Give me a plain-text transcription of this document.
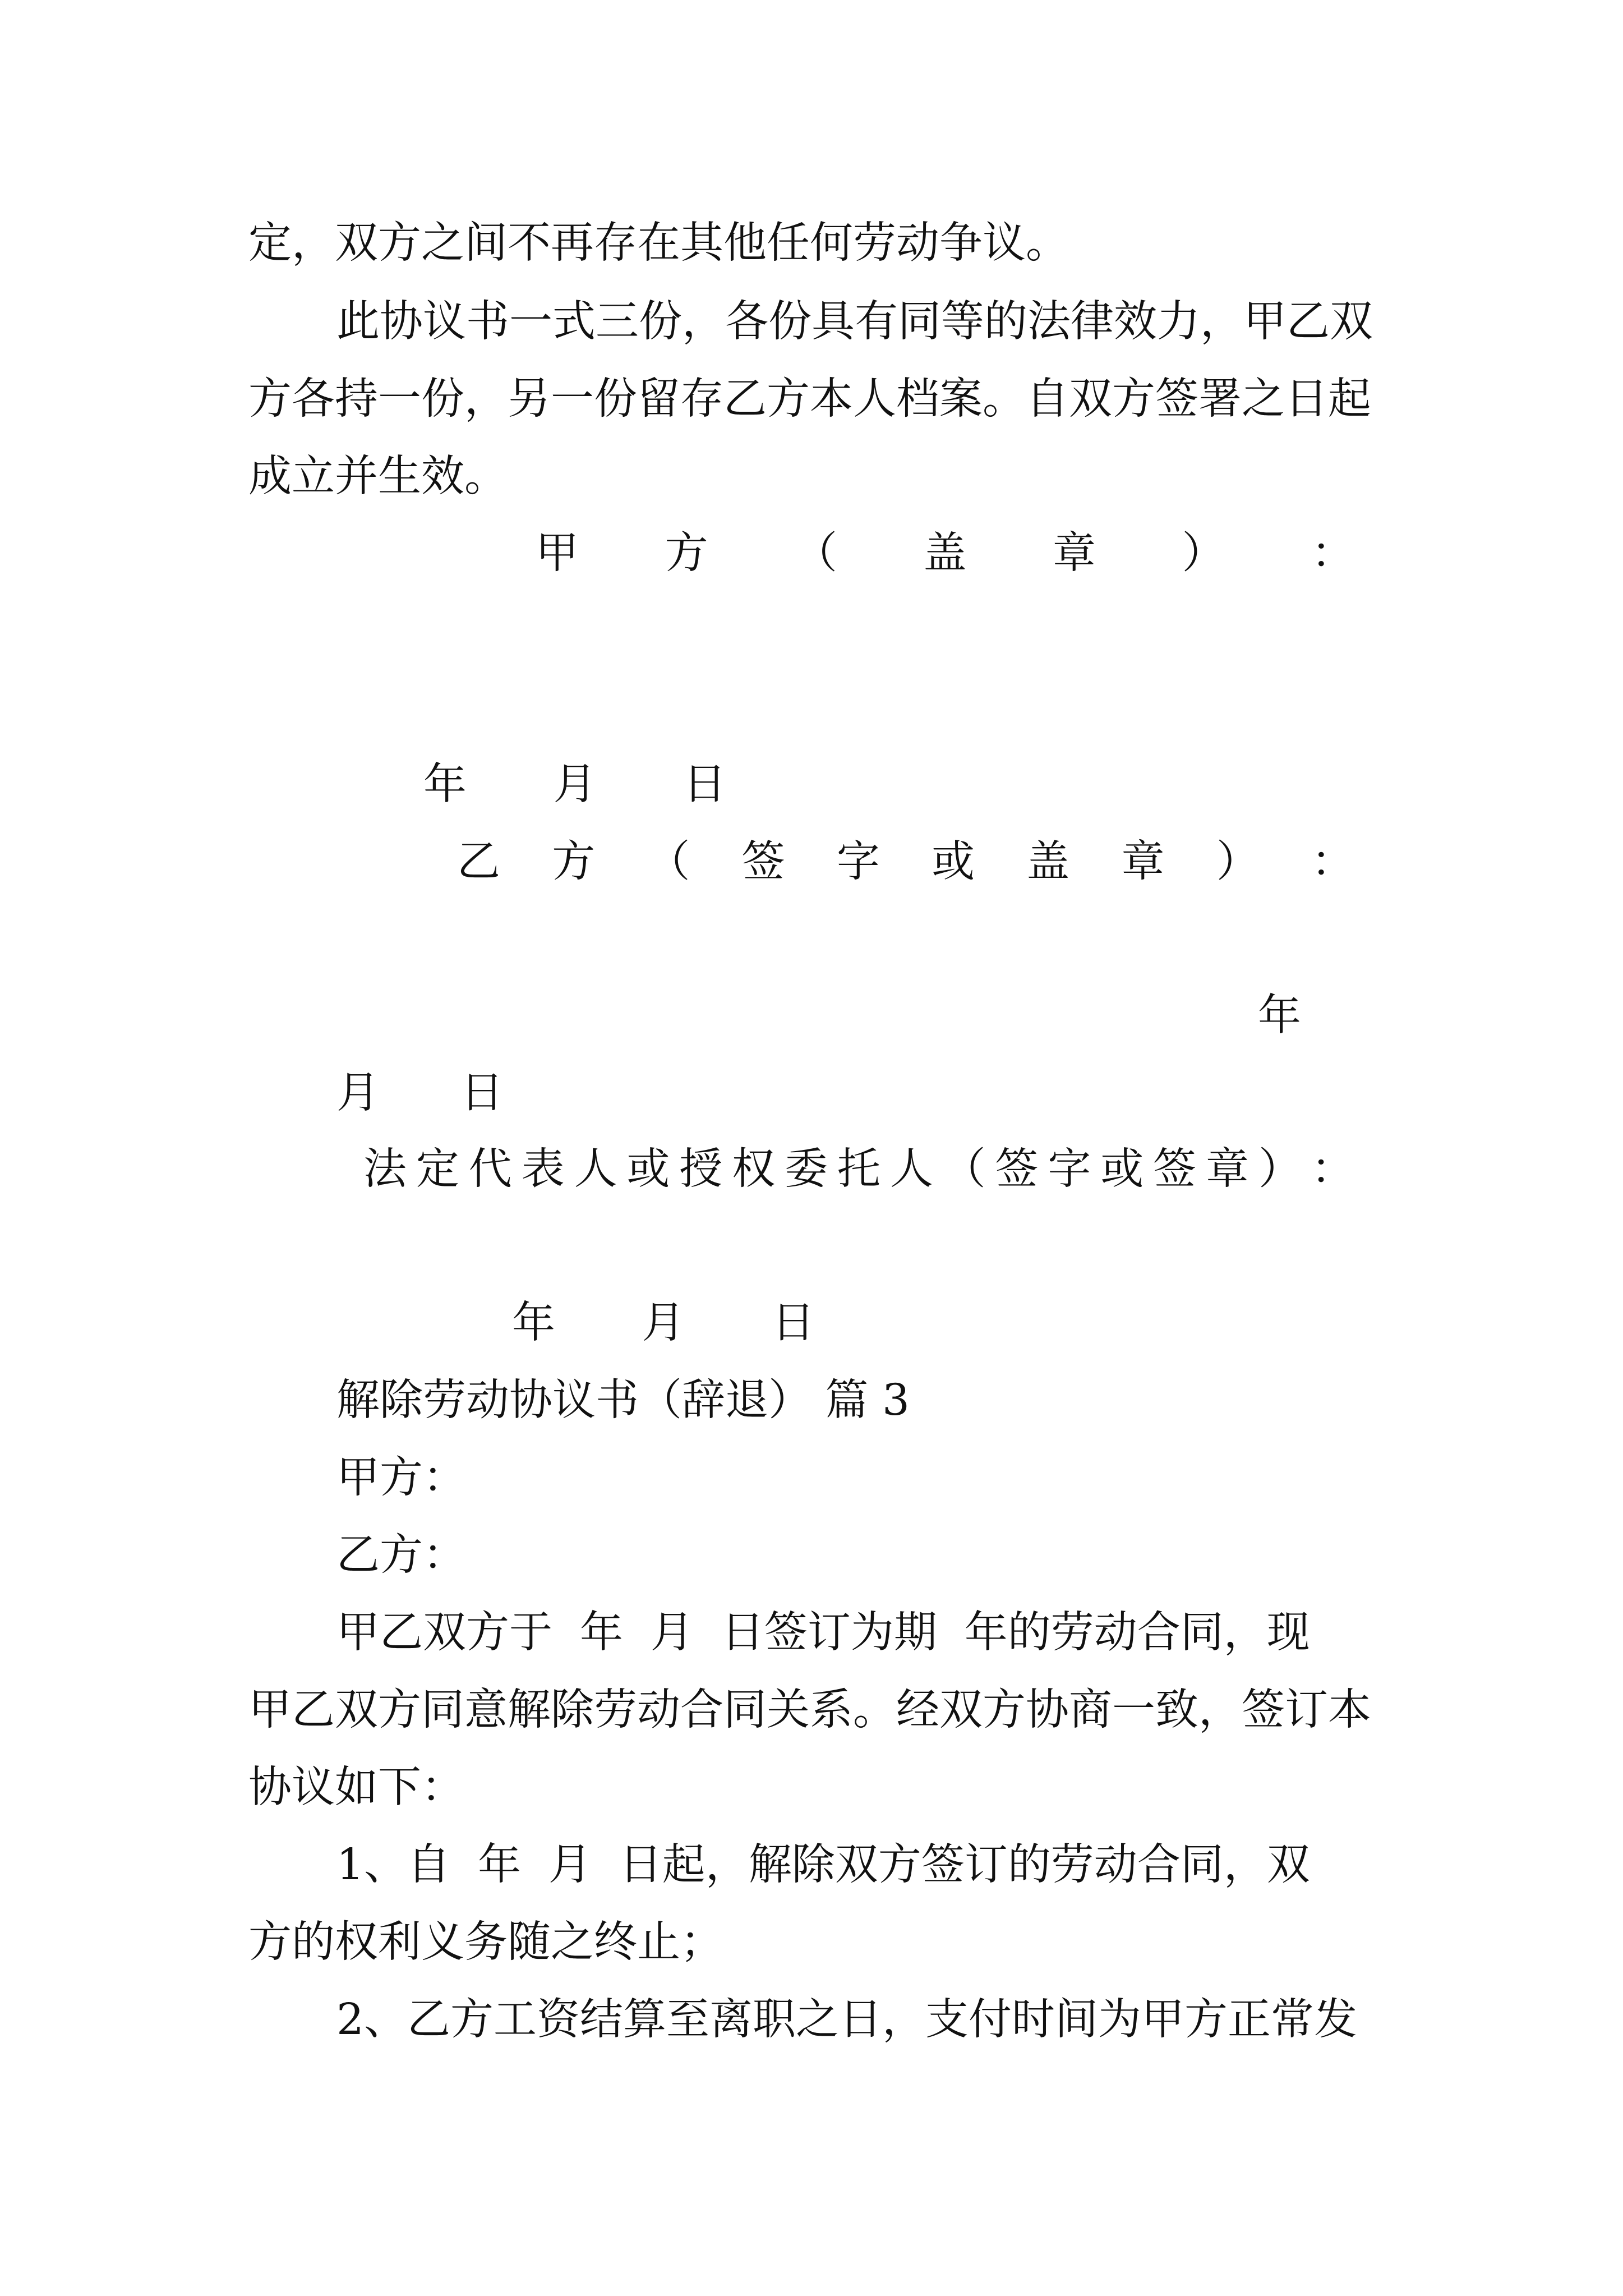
定，双方之间不再存在其他任何劳动争议。
此协议书一式三份，各份具有同等的法律效力，甲乙双
方各持一份，另一份留存乙方本人档案。自双方签署之日起
成立并生效。
甲 方 （ 盖 章 ） ：
年 月 日
乙 方 （ 签 字 或 盖 章 ） ：
年
月 日
法 定 代 表 人 或 授 权 委 托 人 （ 签 字 或 签 章 ） ：
年 月 日
解除劳动协议书（辞退） 篇 3
甲方：
乙方：
甲乙双方于  年  月  日签订为期  年的劳动合同，现
甲乙双方同意解除劳动合同关系。经双方协商一致，签订本
协议如下：
1、自  年  月  日起，解除双方签订的劳动合同，双
方的权利义务随之终止；
2、乙方工资结算至离职之日，支付时间为甲方正常发
